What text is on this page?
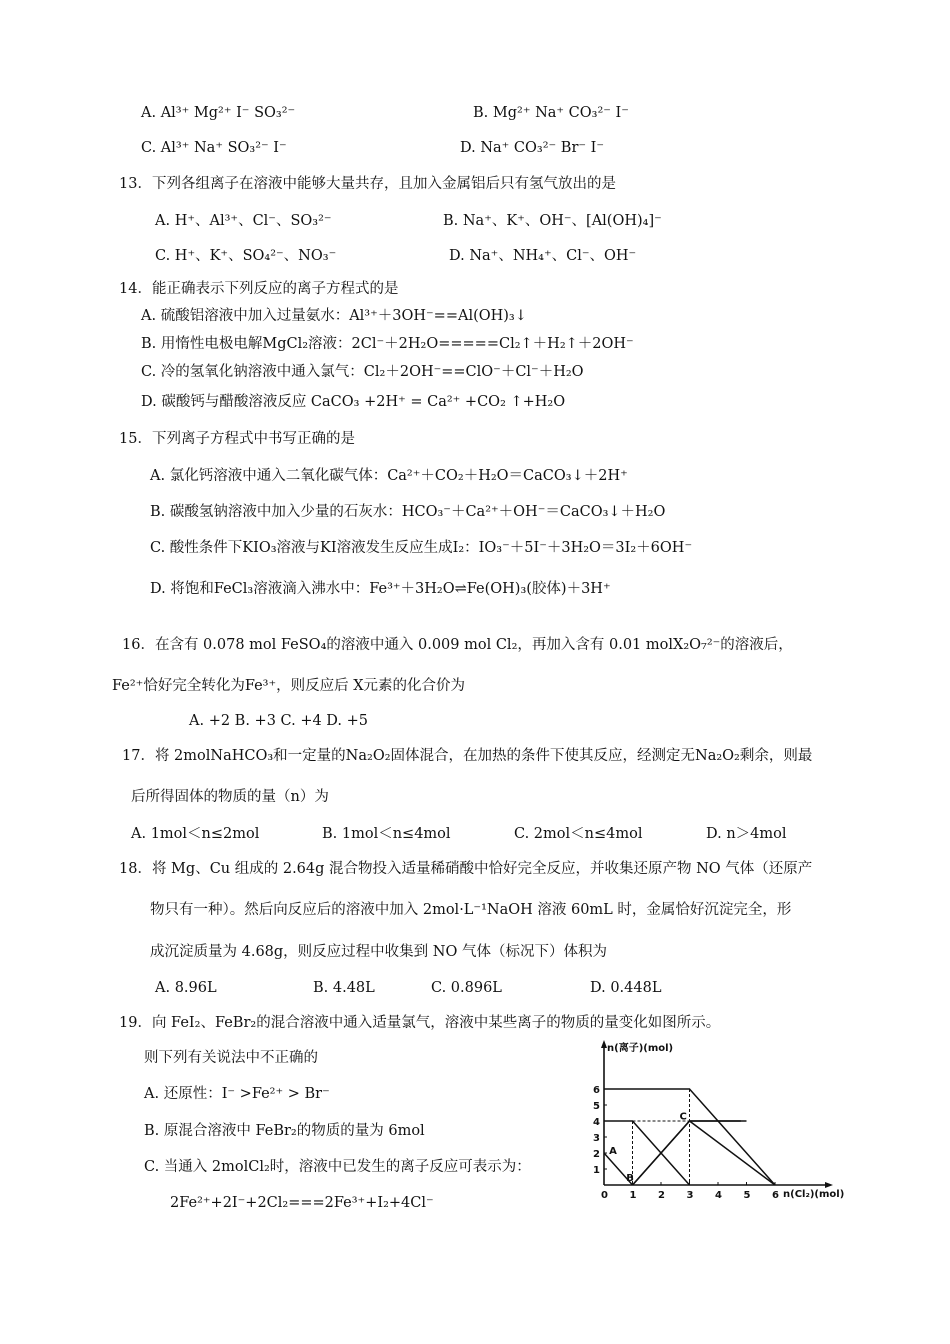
A. Al³⁺ Mg²⁺ I⁻ SO₃²⁻	B. Mg²⁺ Na⁺ CO₃²⁻ I⁻
C. Al³⁺ Na⁺ SO₃²⁻ I⁻	D. Na⁺ CO₃²⁻ Br⁻ I⁻
13．下列各组离子在溶液中能够大量共存，且加入金属铝后只有氢气放出的是
A. H⁺、Al³⁺、Cl⁻、SO₃²⁻	B. Na⁺、K⁺、OH⁻、[Al(OH)₄]⁻
C. H⁺、K⁺、SO₄²⁻、NO₃⁻	D. Na⁺、NH₄⁺、Cl⁻、OH⁻
14．能正确表示下列反应的离子方程式的是
A. 硫酸铝溶液中加入过量氨水：Al³⁺＋3OH⁻==Al(OH)₃↓
B. 用惰性电极电解MgCl₂溶液：2Cl⁻＋2H₂O=====Cl₂↑＋H₂↑＋2OH⁻
C. 冷的氢氧化钠溶液中通入氯气：Cl₂＋2OH⁻==ClO⁻＋Cl⁻＋H₂O
D. 碳酸钙与醋酸溶液反应 CaCO₃ +2H⁺ = Ca²⁺ +CO₂ ↑+H₂O
15．下列离子方程式中书写正确的是
A. 氯化钙溶液中通入二氧化碳气体：Ca²⁺＋CO₂＋H₂O＝CaCO₃↓＋2H⁺
B. 碳酸氢钠溶液中加入少量的石灰水：HCO₃⁻＋Ca²⁺＋OH⁻＝CaCO₃↓＋H₂O
C. 酸性条件下KIO₃溶液与KI溶液发生反应生成I₂：IO₃⁻＋5I⁻＋3H₂O＝3I₂＋6OH⁻
D. 将饱和FeCl₃溶液滴入沸水中：Fe³⁺＋3H₂O⇌Fe(OH)₃(胶体)＋3H⁺
16．在含有 0.078 mol FeSO₄的溶液中通入 0.009 mol Cl₂，再加入含有 0.01 molX₂O₇²⁻的溶液后，
Fe²⁺恰好完全转化为Fe³⁺，则反应后 X元素的化合价为
A. +2 B. +3 C. +4 D. +5
17．将 2molNaHCO₃和一定量的Na₂O₂固体混合，在加热的条件下使其反应，经测定无Na₂O₂剩余，则最
后所得固体的物质的量（n）为
A. 1mol＜n≤2mol	B. 1mol＜n≤4mol	C. 2mol＜n≤4mol	D. n＞4mol
18．将 Mg、Cu 组成的 2.64g 混合物投入适量稀硝酸中恰好完全反应，并收集还原产物 NO 气体（还原产
物只有一种）。然后向反应后的溶液中加入 2mol·L⁻¹NaOH 溶液 60mL 时，金属恰好沉淀完全，形
成沉淀质量为 4.68g，则反应过程中收集到 NO 气体（标况下）体积为
A. 8.96L	B. 4.48L	C. 0.896L	D. 0.448L
19．向 FeI₂、FeBr₂的混合溶液中通入适量氯气，溶液中某些离子的物质的量变化如图所示。
则下列有关说法中不正确的
A. 还原性：I⁻ >Fe²⁺ > Br⁻
B. 原混合溶液中 FeBr₂的物质的量为 6mol
C. 当通入 2molCl₂时，溶液中已发生的离子反应可表示为：
2Fe²⁺+2I⁻+2Cl₂===2Fe³⁺+I₂+4Cl⁻	0 1 2 3 4 5 6
1
2
3
4
5
6
A
B
C
n(离子)(mol)
n(Cl₂)(mol)
